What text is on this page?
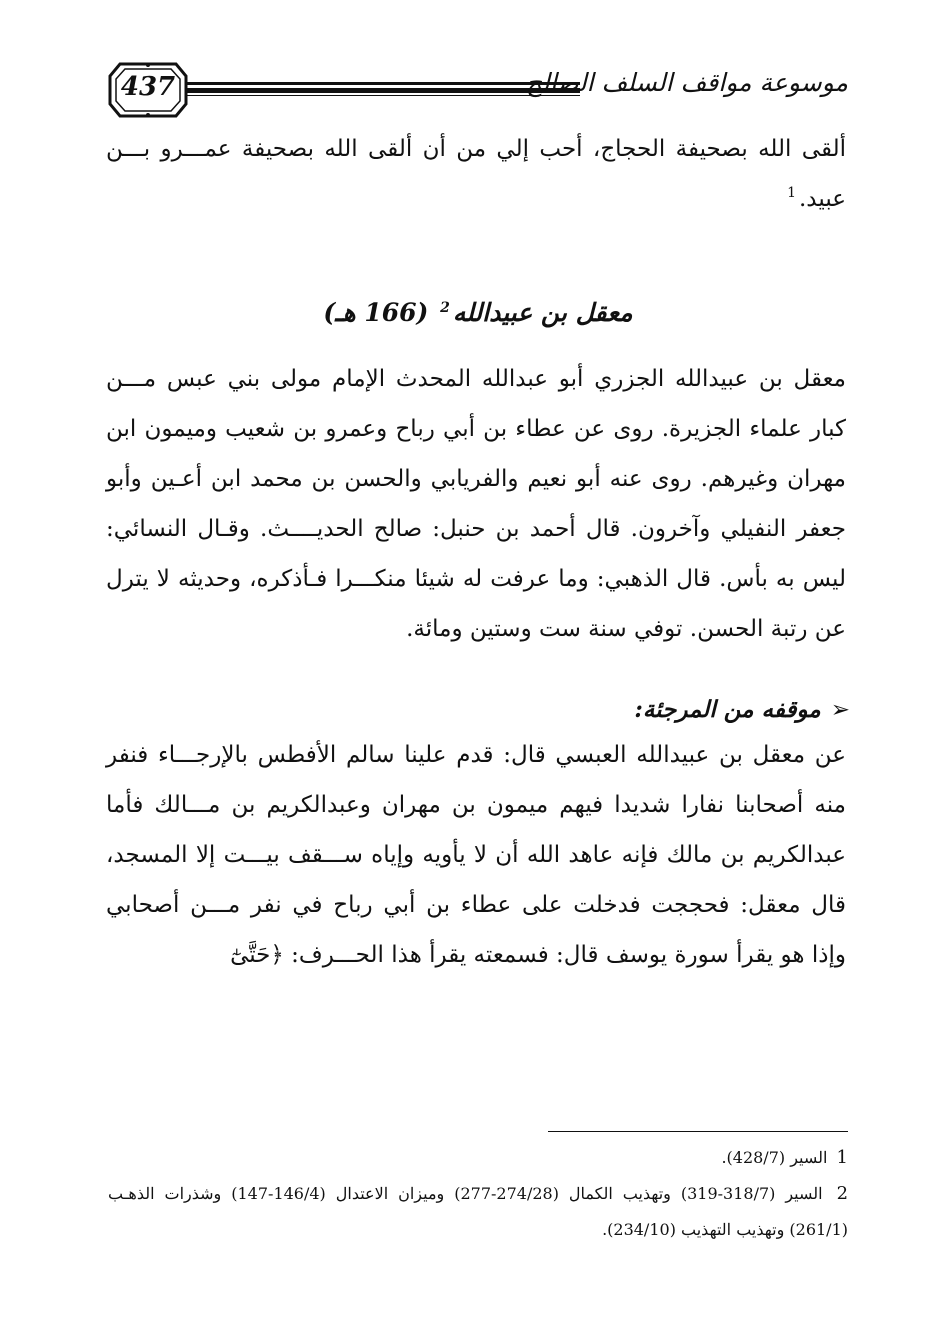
437	موسوعة مواقف السلف الصالح

ألقى الله بصحيفة الحجاج، أحب إلي من أن ألقى الله بصحيفة عمـــرو بـــن عبيد.$^1$

معقل بن عبيدالله$^2$ (166 هـ)

معقل بن عبيدالله الجزري أبو عبدالله المحدث الإمام مولى بني عبس مـــن كبار علماء الجزيرة. روى عن عطاء بن أبي رباح وعمرو بن شعيب وميمون ابن مهران وغيرهم. روى عنه أبو نعيم والفريابي والحسن بن محمد ابن أعـين وأبو جعفر النفيلي وآخرون. قال أحمد بن حنبل: صالح الحديــــث. وقـال النسائي: ليس به بأس. قال الذهبي: وما عرفت له شيئا منكـــرا فـأذكره، وحديثه لا يترل عن رتبة الحسن. توفي سنة ست وستين ومائة.

➢موقفه من المرجئة:

عن معقل بن عبيدالله العبسي قال: قدم علينا سالم الأفطس بالإرجـــاء فنفر منه أصحابنا نفارا شديدا فيهم ميمون بن مهران وعبدالكريم بن مـــالك فأما عبدالكريم بن مالك فإنه عاهد الله أن لا يأويه وإياه ســـقف بيـــت إلا المسجد، قال معقل: فحججت فدخلت على عطاء بن أبي رباح في نفر مـــن أصحابي وإذا هو يقرأ سورة يوسف قال: فسمعته يقرأ هذا الحـــرف: ﴿حَتَّىٰٓ

1 السير (428/7).

2 السير (318/7-319) وتهذيب الكمال (274/28-277) وميزان الاعتدال (146/4-147) وشذرات الذهـب (261/1) وتهذيب التهذيب (234/10).
